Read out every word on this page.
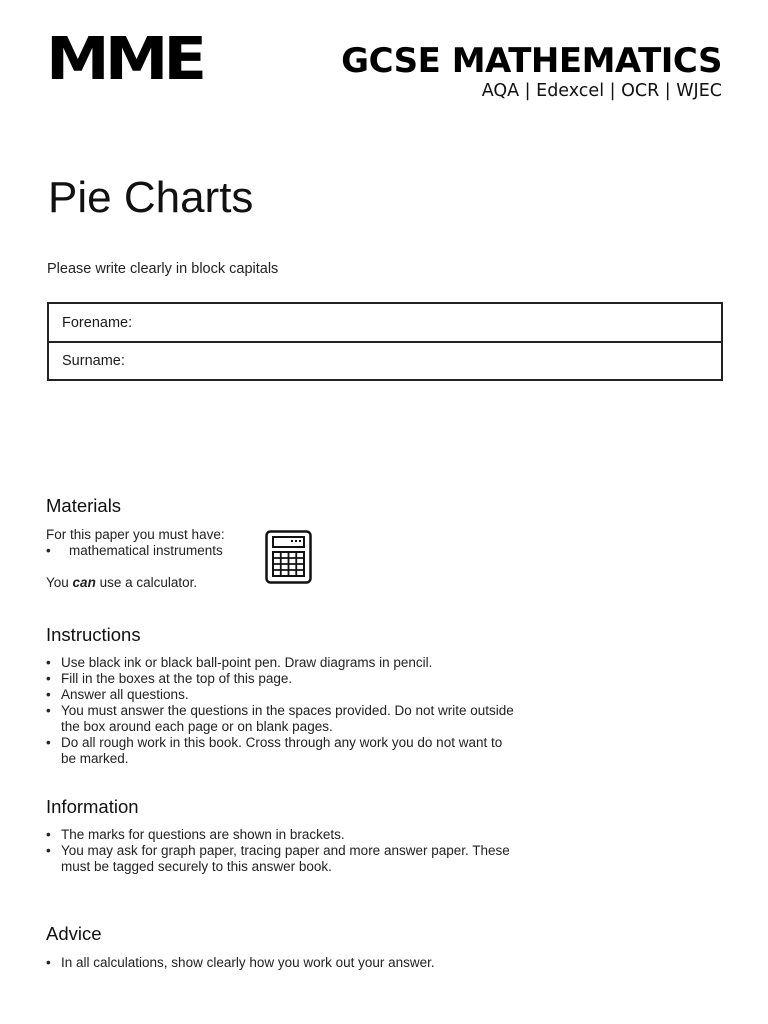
MME	GCSE MATHEMATICS
AQA | Edexcel | OCR | WJEC
Pie Charts
Please write clearly in block capitals
Forename:
Surname:
Materials
For this paper you must have:
• mathematical instruments
You can use a calculator.
Instructions
• Use black ink or black ball-point pen. Draw diagrams in pencil.
• Fill in the boxes at the top of this page.
• Answer all questions.
• You must answer the questions in the spaces provided. Do not write outside the box around each page or on blank pages.
• Do all rough work in this book. Cross through any work you do not want to be marked.
Information
• The marks for questions are shown in brackets.
• You may ask for graph paper, tracing paper and more answer paper. These must be tagged securely to this answer book.
Advice
• In all calculations, show clearly how you work out your answer.
